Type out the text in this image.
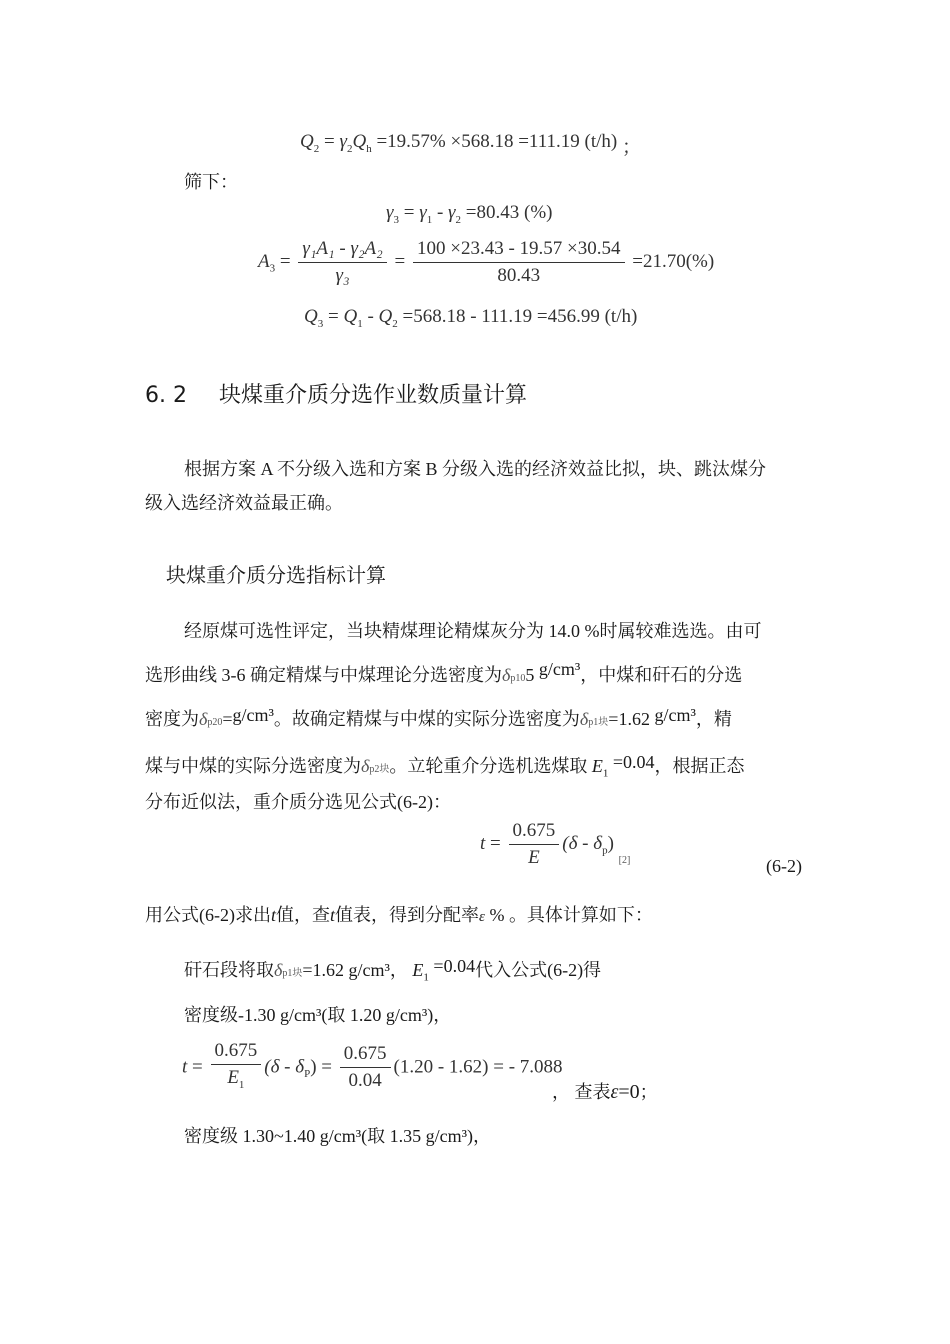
$Q_2 = \gamma_2Q_h =19.57\% \times 568.18 =111.19$ (t/h) ；
筛下：
$\gamma_3 = \gamma_1 - \gamma_2 =80.43$ (%)
$A_3 = \frac{\text{γ₁A₁ - γ₂A₂}}{\text{γ₃}} = \frac{100 \times 23.43 - 19.57 \times 30.54}{80.43} =21.70(\%)$
$Q_3 = Q_1 - Q_2 =568.18 - 111.19 =456.99$ (t/h)
6. 2 块煤重介质分选作业数质量计算
根据方案 A 不分级入选和方案 B 分级入选的经济效益比拟，块、跳汰煤分
级入选经济效益最正确。
块煤重介质分选指标计算
经原煤可选性评定，当块精煤理论精煤灰分为 14.0 %时属较难选选。由可
选形曲线 3-6 确定精煤与中煤理论分选密度为δp105 g/cm³，中煤和矸石的分选
密度为δp20=g/cm³。故确定精煤与中煤的实际分选密度为δp1块=1.62 g/cm³，精
煤与中煤的实际分选密度为δp2块。立轮重介分选机选煤取 $E_1 =0.04$，根据正态
分布近似法，重介质分选见公式(6-2)：
$t = \frac{0.675}{E} (\delta - \delta_p)$ $_{[2]}$	(6-2)
用公式(6-2)求出t值，查t值表，得到分配率ε % 。具体计算如下：
矸石段将取δp1块=1.62 g/cm³， $E_1 =0.04$代入公式(6-2)得
密度级-1.30 g/cm³(取 1.20 g/cm³)，
$t = \frac{0.675}{E_1} (\delta - \delta_P) = \frac{0.675}{0.04} (1.20 - 1.62)$ = - 7.088
， 查表ε=0；
密度级 1.30~1.40 g/cm³(取 1.35 g/cm³)，
